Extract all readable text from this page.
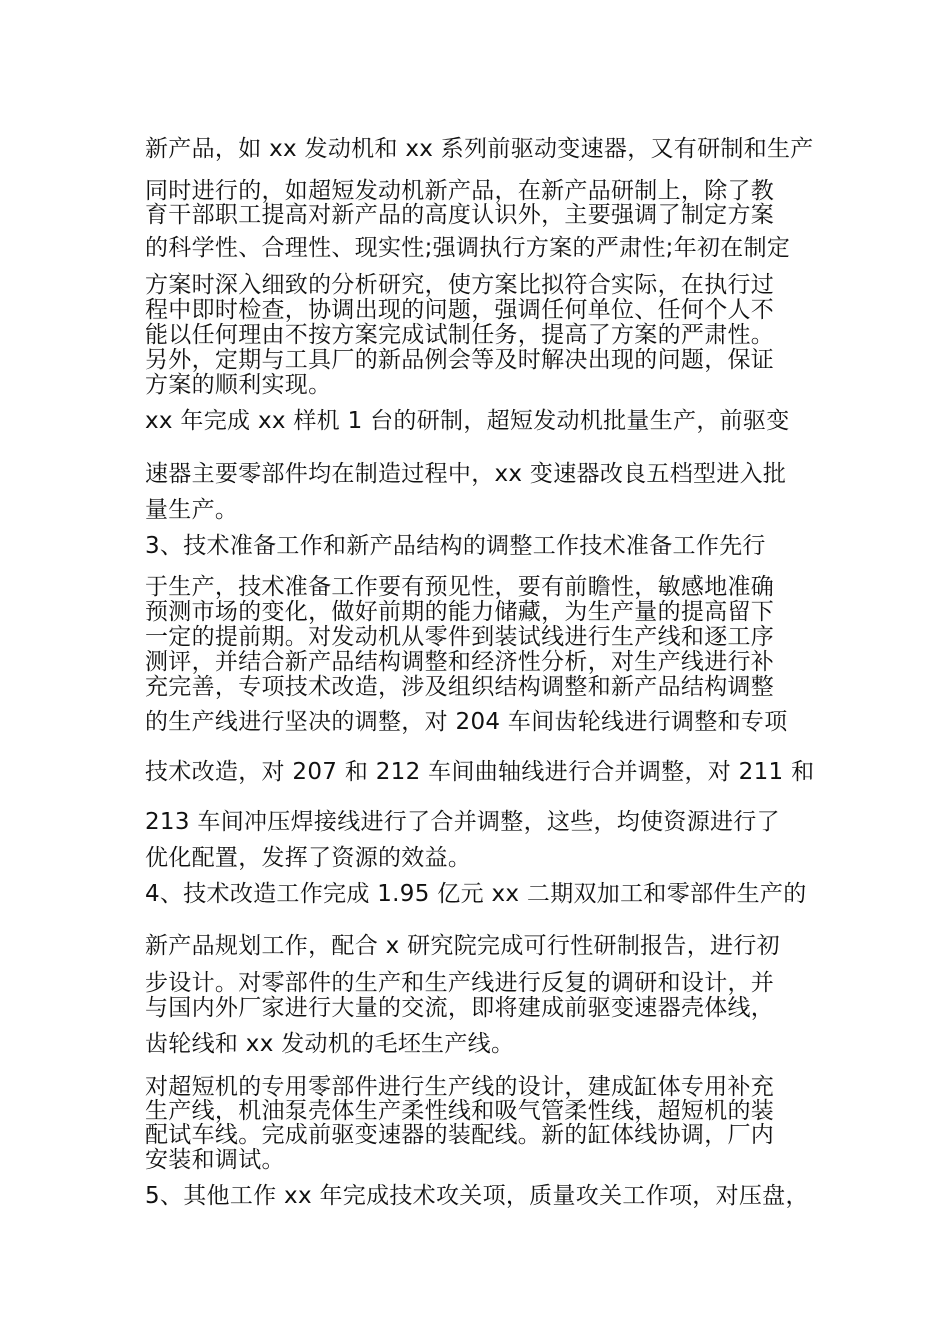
新产品，如 xx 发动机和 xx 系列前驱动变速器，又有研制和生产
同时进行的，如超短发动机新产品，在新产品研制上，除了教
育干部职工提高对新产品的高度认识外，主要强调了制定方案
的科学性、合理性、现实性;强调执行方案的严肃性;年初在制定
方案时深入细致的分析研究，使方案比拟符合实际，在执行过
程中即时检查，协调出现的问题，强调任何单位、任何个人不
能以任何理由不按方案完成试制任务，提高了方案的严肃性。
另外，定期与工具厂的新品例会等及时解决出现的问题，保证
方案的顺利实现。
xx 年完成 xx 样机 1 台的研制，超短发动机批量生产，前驱变
速器主要零部件均在制造过程中，xx 变速器改良五档型进入批
量生产。
3、技术准备工作和新产品结构的调整工作技术准备工作先行
于生产，技术准备工作要有预见性，要有前瞻性，敏感地准确
预测市场的变化，做好前期的能力储藏，为生产量的提高留下
一定的提前期。对发动机从零件到装试线进行生产线和逐工序
测评，并结合新产品结构调整和经济性分析，对生产线进行补
充完善，专项技术改造，涉及组织结构调整和新产品结构调整
的生产线进行坚决的调整，对 204 车间齿轮线进行调整和专项
技术改造，对 207 和 212 车间曲轴线进行合并调整，对 211 和
213 车间冲压焊接线进行了合并调整，这些，均使资源进行了
优化配置，发挥了资源的效益。
4、技术改造工作完成 1.95 亿元 xx 二期双加工和零部件生产的
新产品规划工作，配合 x 研究院完成可行性研制报告，进行初
步设计。对零部件的生产和生产线进行反复的调研和设计，并
与国内外厂家进行大量的交流，即将建成前驱变速器壳体线，
齿轮线和 xx 发动机的毛坯生产线。
对超短机的专用零部件进行生产线的设计，建成缸体专用补充
生产线，机油泵壳体生产柔性线和吸气管柔性线，超短机的装
配试车线。完成前驱变速器的装配线。新的缸体线协调，厂内
安装和调试。
5、其他工作 xx 年完成技术攻关项，质量攻关工作项，对压盘，
